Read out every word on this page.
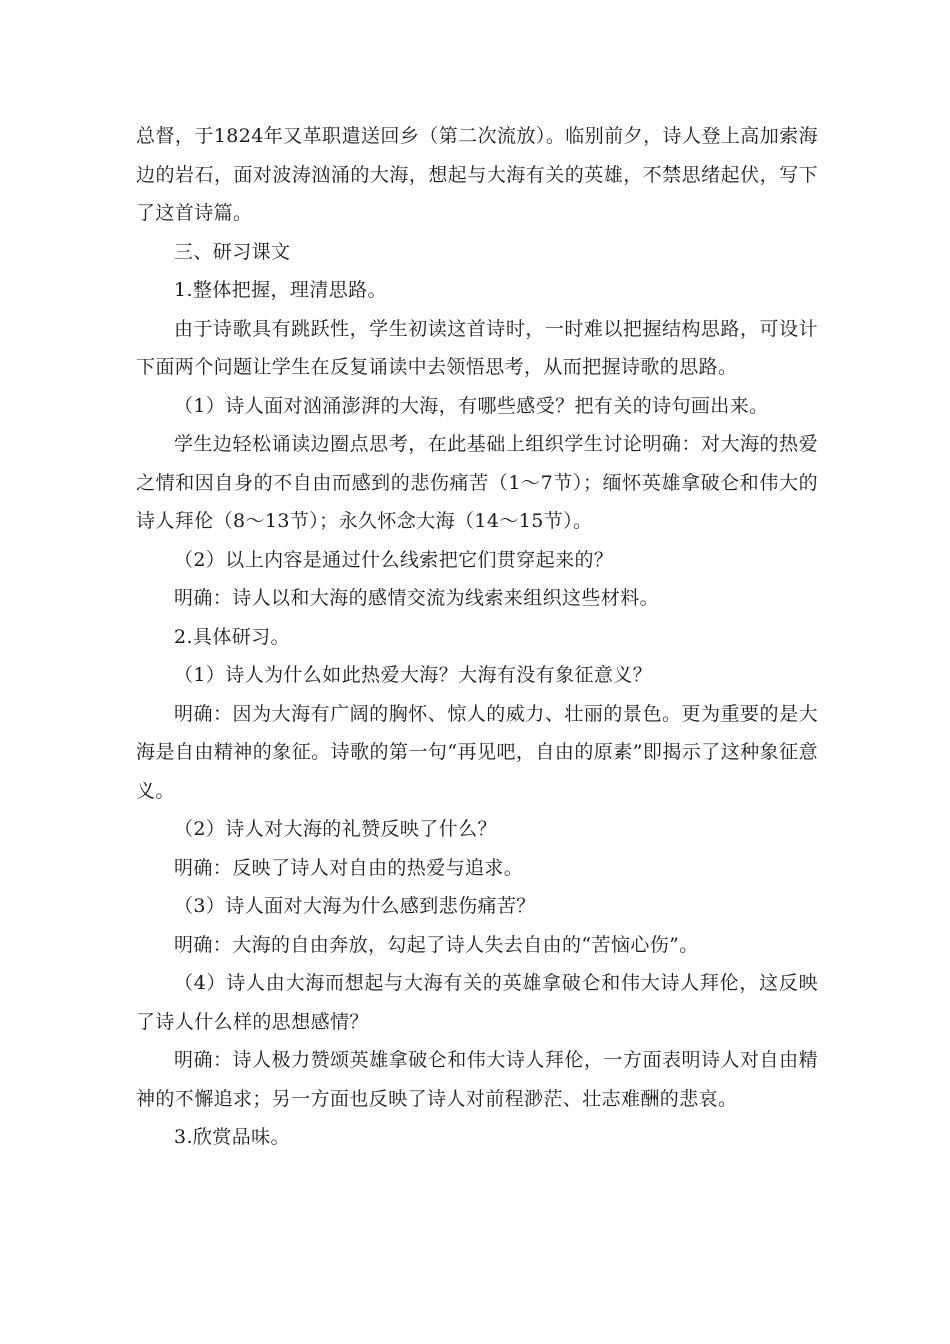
总督，于1824年又革职遣送回乡（第二次流放）。临别前夕，诗人登上高加索海边的岩石，面对波涛汹涌的大海，想起与大海有关的英雄，不禁思绪起伏，写下了这首诗篇。

三、研习课文

1.整体把握，理清思路。

由于诗歌具有跳跃性，学生初读这首诗时，一时难以把握结构思路，可设计下面两个问题让学生在反复诵读中去领悟思考，从而把握诗歌的思路。

（1）诗人面对汹涌澎湃的大海，有哪些感受？把有关的诗句画出来。

学生边轻松诵读边圈点思考，在此基础上组织学生讨论明确：对大海的热爱之情和因自身的不自由而感到的悲伤痛苦（1～7节）；缅怀英雄拿破仑和伟大的诗人拜伦（8～13节）；永久怀念大海（14～15节）。

（2）以上内容是通过什么线索把它们贯穿起来的？

明确：诗人以和大海的感情交流为线索来组织这些材料。

2.具体研习。

（1）诗人为什么如此热爱大海？大海有没有象征意义？

明确：因为大海有广阔的胸怀、惊人的威力、壮丽的景色。更为重要的是大海是自由精神的象征。诗歌的第一句“再见吧，自由的原素”即揭示了这种象征意义。

（2）诗人对大海的礼赞反映了什么？

明确：反映了诗人对自由的热爱与追求。

（3）诗人面对大海为什么感到悲伤痛苦？

明确：大海的自由奔放，勾起了诗人失去自由的“苦恼心伤”。

（4）诗人由大海而想起与大海有关的英雄拿破仑和伟大诗人拜伦，这反映了诗人什么样的思想感情？

明确：诗人极力赞颂英雄拿破仑和伟大诗人拜伦，一方面表明诗人对自由精神的不懈追求；另一方面也反映了诗人对前程渺茫、壮志难酬的悲哀。

3.欣赏品味。
